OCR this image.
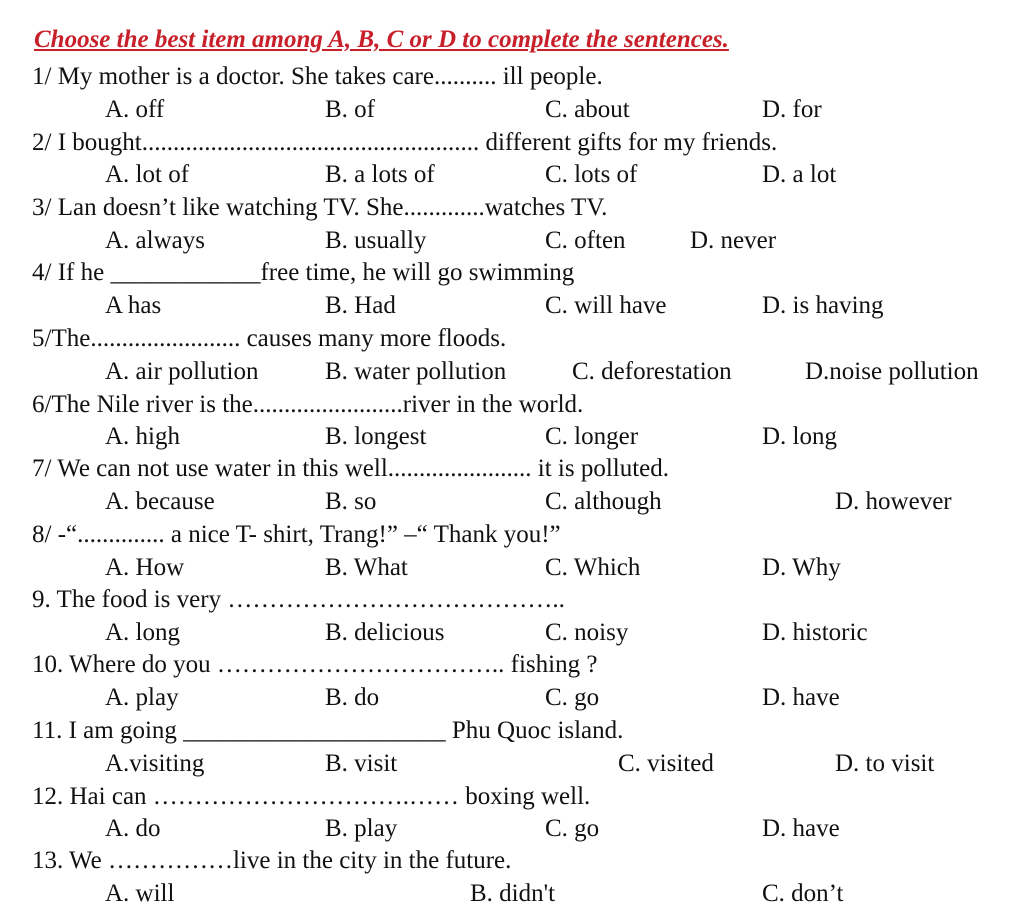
Choose the best item among A, B, C or D to complete the sentences.
1/ My mother is a doctor. She takes care.......... ill people.
A. off	B. of	C. about	D. for
2/ I bought...................................................... different gifts for my friends.
A. lot of	B. a lots of	C. lots of	D. a lot
3/ Lan doesn’t like watching TV. She.............watches TV.
A. always	B. usually	C. often	D. never
4/ If he ____________free time, he will go swimming
A has	B. Had	C. will have	D. is having
5/The........................ causes many more floods.
A. air pollution	B. water pollution	C. deforestation	D.noise pollution
6/The Nile river is the........................river in the world.
A. high	B. longest	C. longer	D. long
7/ We can not use water in this well....................... it is polluted.
A. because	B. so	C. although	D. however
8/ -“.............. a nice T- shirt, Trang!” –“ Thank you!”
A. How	B. What	C. Which	D. Why
9. The food is very …………………………………..
A. long	B. delicious	C. noisy	D. historic
10. Where do you …………………………….. fishing ?
A. play	B. do	C. go	D. have
11. I am going _____________________ Phu Quoc island.
A.visiting	B. visit	C. visited	D. to visit
12. Hai can ………………………….…… boxing well.
A. do	B. play	C. go	D. have
13. We ……………live in the city in the future.
A. will	B. didn't	C. don’t
